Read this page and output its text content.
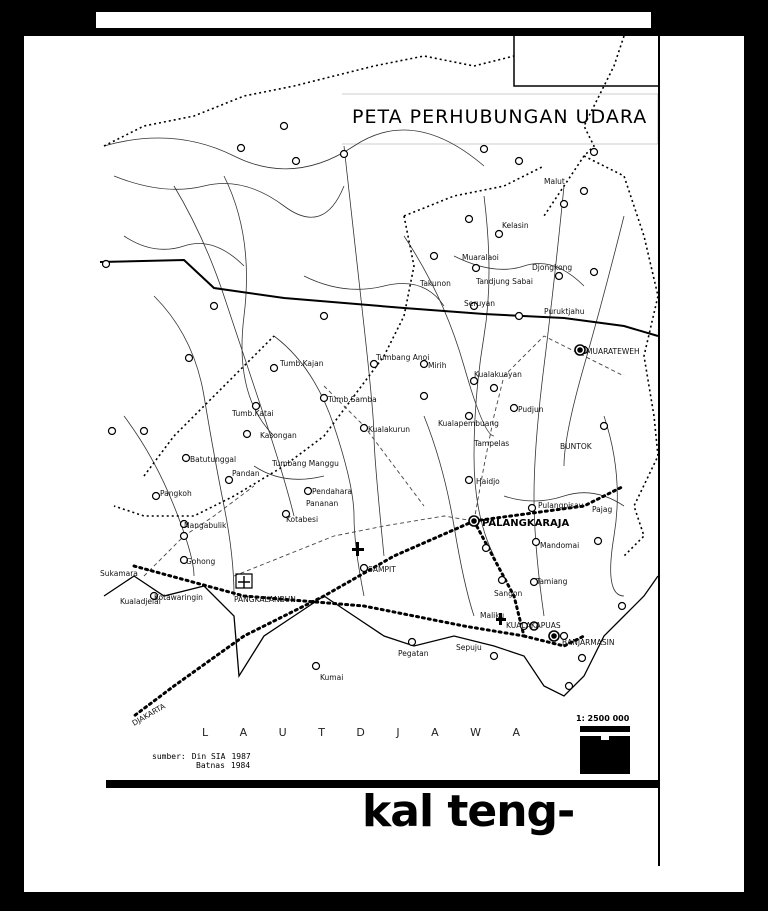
PALANGKARAJA
MUARATEWEH
BUNTOK
BANJARMASIN
KUALAKAPUAS
PANGKALANBUN
SAMPIT
DJAKARTA
Tandjung Sabai
Kelasin
Puruktjahu
Djongkong
Muaralaoi
Malut
Tumbang Anoi
Mirih
Kualakuayan
Pudjun
Tampelas
Haidjo
Kualapembuang
Kualakurun
Tumb.Samba
Tumb.Kajan
Tumb.Katai
Kasongan
Batutunggal
Pandan
Pangkoh
Nangabulik
Gohong
Pendahara
Kotabesi
Kotawaringin
Kumai
Pegatan
Sepuju
Maliku
Mandomai
Pulangpisau
Tamiang
Pajag
Takunon
Seruyan
Sangon
Sukamara
Kualadjelai
Tumbang Manggu
Pananan
L A U T D J A W A
PETA PERHUBUNGAN UDARA
sumber: Din SIA 1987
Batnas 1984
1: 2500 000
kal teng-
